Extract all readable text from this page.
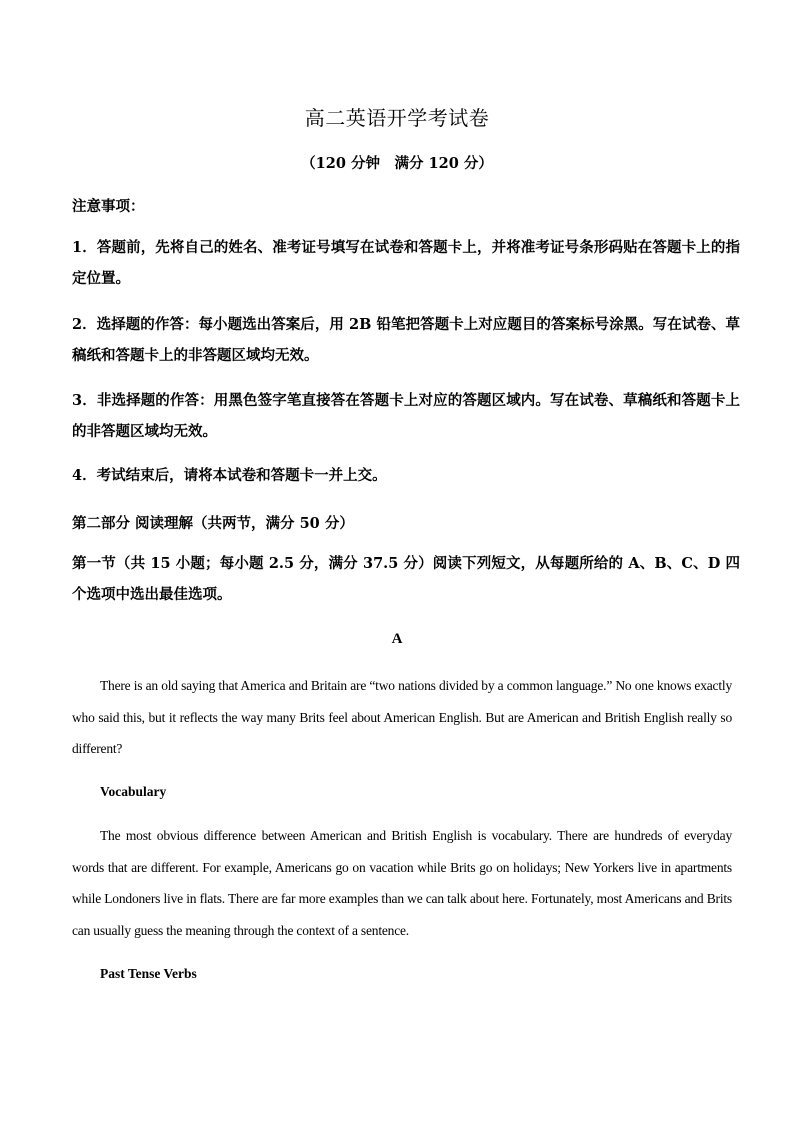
高二英语开学考试卷
（120 分钟　满分 120 分）
注意事项：
1．答题前，先将自己的姓名、准考证号填写在试卷和答题卡上，并将准考证号条形码贴在答题卡上的指定位置。
2．选择题的作答：每小题选出答案后，用 2B 铅笔把答题卡上对应题目的答案标号涂黑。写在试卷、草稿纸和答题卡上的非答题区域均无效。
3．非选择题的作答：用黑色签字笔直接答在答题卡上对应的答题区域内。写在试卷、草稿纸和答题卡上的非答题区域均无效。
4．考试结束后，请将本试卷和答题卡一并上交。
第二部分 阅读理解（共两节，满分 50 分）
第一节（共 15 小题；每小题 2.5 分，满分 37.5 分）阅读下列短文，从每题所给的 A、B、C、D 四个选项中选出最佳选项。
A
There is an old saying that America and Britain are “two nations divided by a common language.” No one knows exactly who said this, but it reflects the way many Brits feel about American English. But are American and British English really so different?
Vocabulary
The most obvious difference between American and British English is vocabulary. There are hundreds of everyday words that are different. For example, Americans go on vacation while Brits go on holidays; New Yorkers live in apartments while Londoners live in flats. There are far more examples than we can talk about here. Fortunately, most Americans and Brits can usually guess the meaning through the context of a sentence.
Past Tense Verbs
